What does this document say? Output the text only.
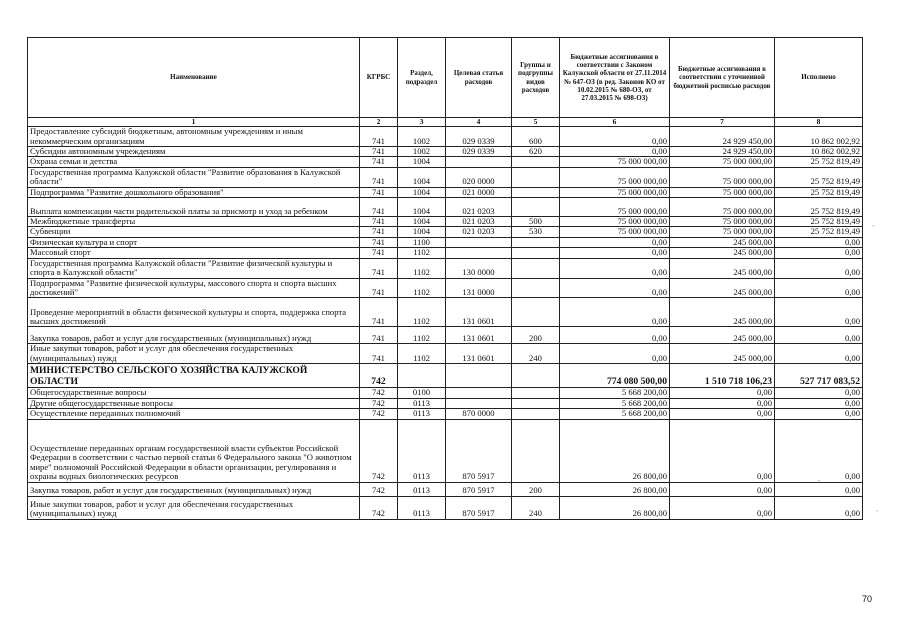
Наименование	КГРБС	Раздел, подраздел	Целевая статья расходов	Группы и подгруппы видов расходов	Бюджетные ассигнования в соответствии с Законом Калужской области от 27.11.2014 № 647-ОЗ (в ред. Законов КО от 10.02.2015 № 680-ОЗ, от 27.03.2015 № 698-ОЗ)	Бюджетные ассигнования в соответствии с уточненной бюджетной росписью расходов	Исполнено
1	2	3	4	5	6	7	8
Предоставление субсидий бюджетным, автономным учреждениям и иным некоммерческим организациям	741	1002	029 0339	600	0,00	24 929 450,00	10 862 002,92
Субсидии автономным учреждениям	741	1002	029 0339	620	0,00	24 929 450,00	10 862 002,92
Охрана семьи и детства	741	1004			75 000 000,00	75 000 000,00	25 752 819,49
Государственная программа Калужской области "Развитие образования в Калужской области"	741	1004	020 0000		75 000 000,00	75 000 000,00	25 752 819,49
Подпрограмма "Развитие дошкольного образования"	741	1004	021 0000		75 000 000,00	75 000 000,00	25 752 819,49
Выплата компенсации части родительской платы за присмотр и уход за ребенком	741	1004	021 0203		75 000 000,00	75 000 000,00	25 752 819,49
Межбюджетные трансферты	741	1004	021 0203	500	75 000 000,00	75 000 000,00	25 752 819,49
Субвенции	741	1004	021 0203	530	75 000 000,00	75 000 000,00	25 752 819,49
Физическая культура и спорт	741	1100			0,00	245 000,00	0,00
Массовый спорт	741	1102			0,00	245 000,00	0,00
Государственная программа Калужской области "Развитие физической культуры и спорта в Калужской области"	741	1102	130 0000		0,00	245 000,00	0,00
Подпрограмма "Развитие физической культуры, массового спорта и спорта высших достижений"	741	1102	131 0000		0,00	245 000,00	0,00
Проведение мероприятий в области физической культуры и спорта, поддержка спорта высших достижений	741	1102	131 0601		0,00	245 000,00	0,00
Закупка товаров, работ и услуг для государственных (муниципальных) нужд	741	1102	131 0601	200	0,00	245 000,00	0,00
Иные закупки товаров, работ и услуг для обеспечения государственных (муниципальных) нужд	741	1102	131 0601	240	0,00	245 000,00	0,00
МИНИСТЕРСТВО СЕЛЬСКОГО ХОЗЯЙСТВА КАЛУЖСКОЙ ОБЛАСТИ	742				774 080 500,00	1 510 718 106,23	527 717 083,52
Общегосударственные вопросы	742	0100			5 668 200,00	0,00	0,00
Другие общегосударственные вопросы	742	0113			5 668 200,00	0,00	0,00
Осуществление переданных полномочий	742	0113	870 0000		5 668 200,00	0,00	0,00
Осуществление переданных органам государственной власти субъектов Российской Федерации в соответствии с частью первой статьи 6 Федерального закона "О животном мире" полномочий Российской Федерации в области организации, регулирования и охраны водных биологических ресурсов	742	0113	870 5917		26 800,00	0,00	0,00
Закупка товаров, работ и услуг для государственных (муниципальных) нужд	742	0113	870 5917	200	26 800,00	0,00	0,00
Иные закупки товаров, работ и услуг для обеспечения государственных (муниципальных) нужд	742	0113	870 5917	240	26 800,00	0,00	0,00
ʼ
ʼ
ˇ
70
